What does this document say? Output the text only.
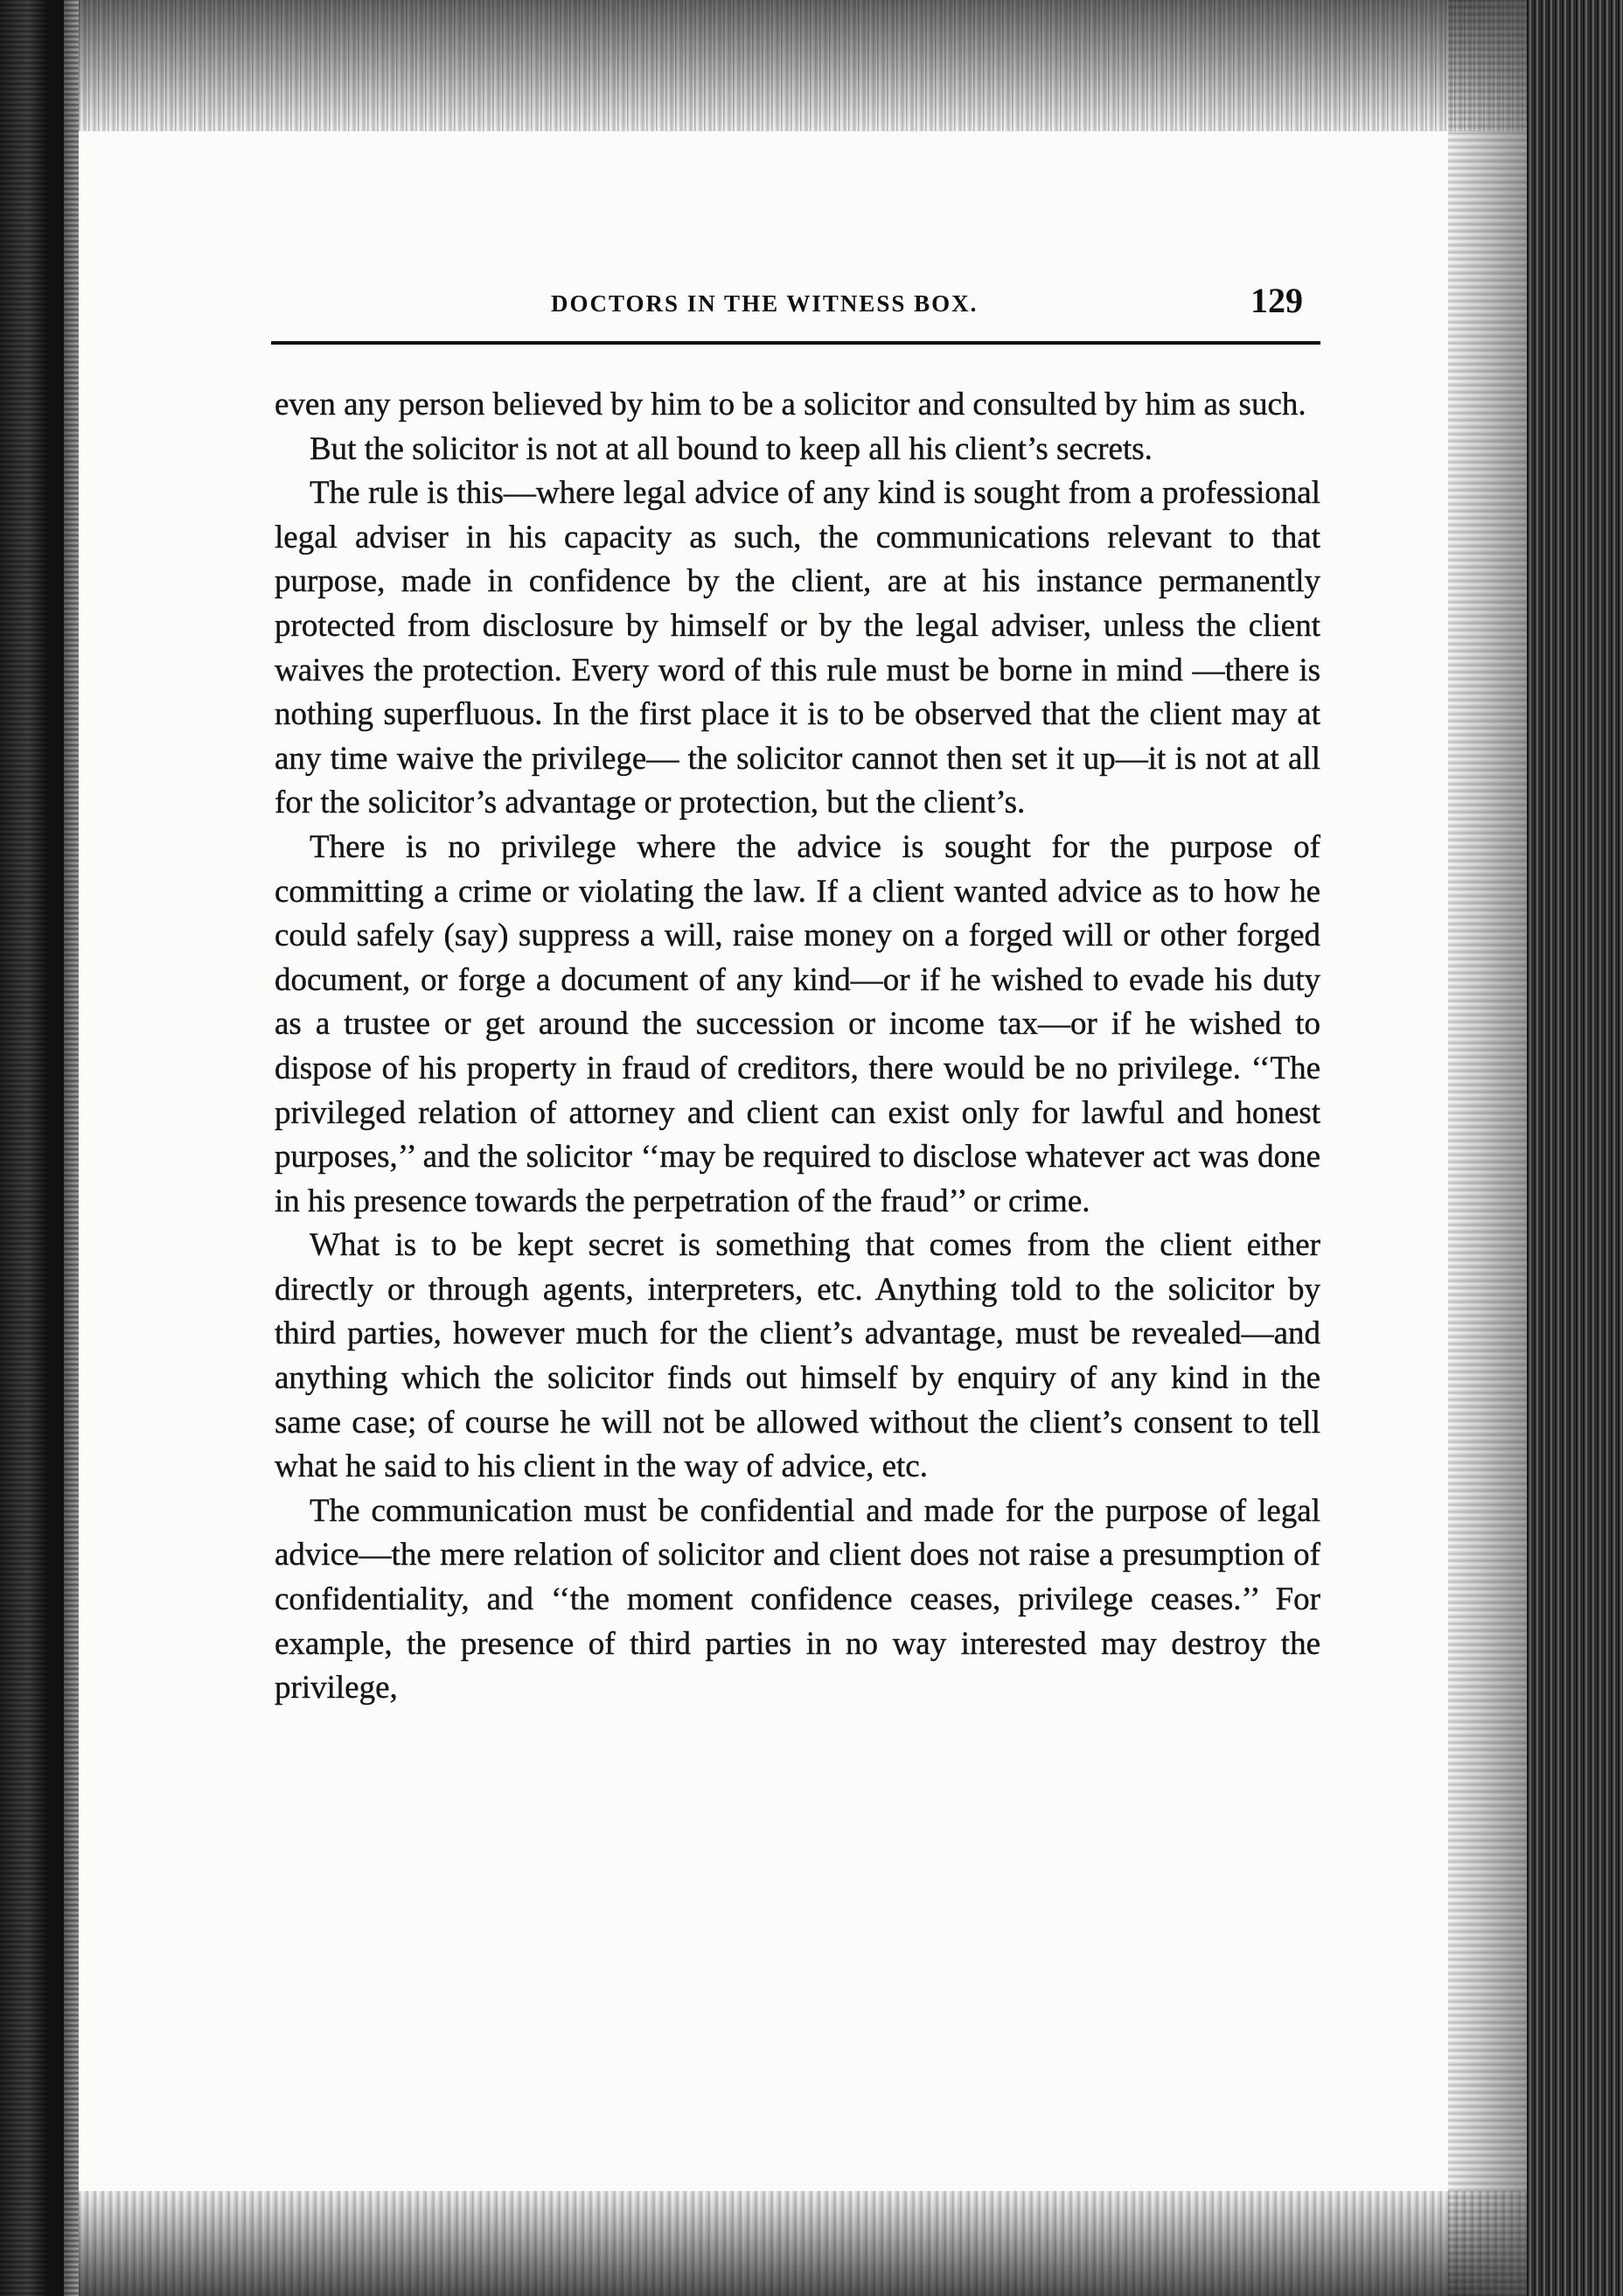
DOCTORS IN THE WITNESS BOX.	129

even any person believed by him to be a solicitor and consulted by him as such.

But the solicitor is not at all bound to keep all his client’s secrets.

The rule is this—where legal advice of any kind is sought from a professional legal adviser in his capacity as such, the communications relevant to that purpose, made in confidence by the client, are at his instance permanently protected from disclosure by himself or by the legal adviser, unless the client waives the protection. Every word of this rule must be borne in mind —there is nothing superfluous. In the first place it is to be observed that the client may at any time waive the privilege— the solicitor cannot then set it up—it is not at all for the solicitor’s advantage or protection, but the client’s.

There is no privilege where the advice is sought for the purpose of committing a crime or violating the law. If a client wanted advice as to how he could safely (say) suppress a will, raise money on a forged will or other forged document, or forge a document of any kind—or if he wished to evade his duty as a trustee or get around the succession or income tax—or if he wished to dispose of his property in fraud of creditors, there would be no privilege. ‘‘The privileged relation of attorney and client can exist only for lawful and honest purposes,’’ and the solicitor ‘‘may be required to disclose whatever act was done in his presence towards the perpetration of the fraud’’ or crime.

What is to be kept secret is something that comes from the client either directly or through agents, interpreters, etc. Anything told to the solicitor by third parties, however much for the client’s advantage, must be revealed—and anything which the solicitor finds out himself by enquiry of any kind in the same case; of course he will not be allowed without the client’s consent to tell what he said to his client in the way of advice, etc.

The communication must be confidential and made for the purpose of legal advice—the mere relation of solicitor and client does not raise a presumption of confidentiality, and ‘‘the moment confidence ceases, privilege ceases.’’ For example, the presence of third parties in no way interested may destroy the privilege,
